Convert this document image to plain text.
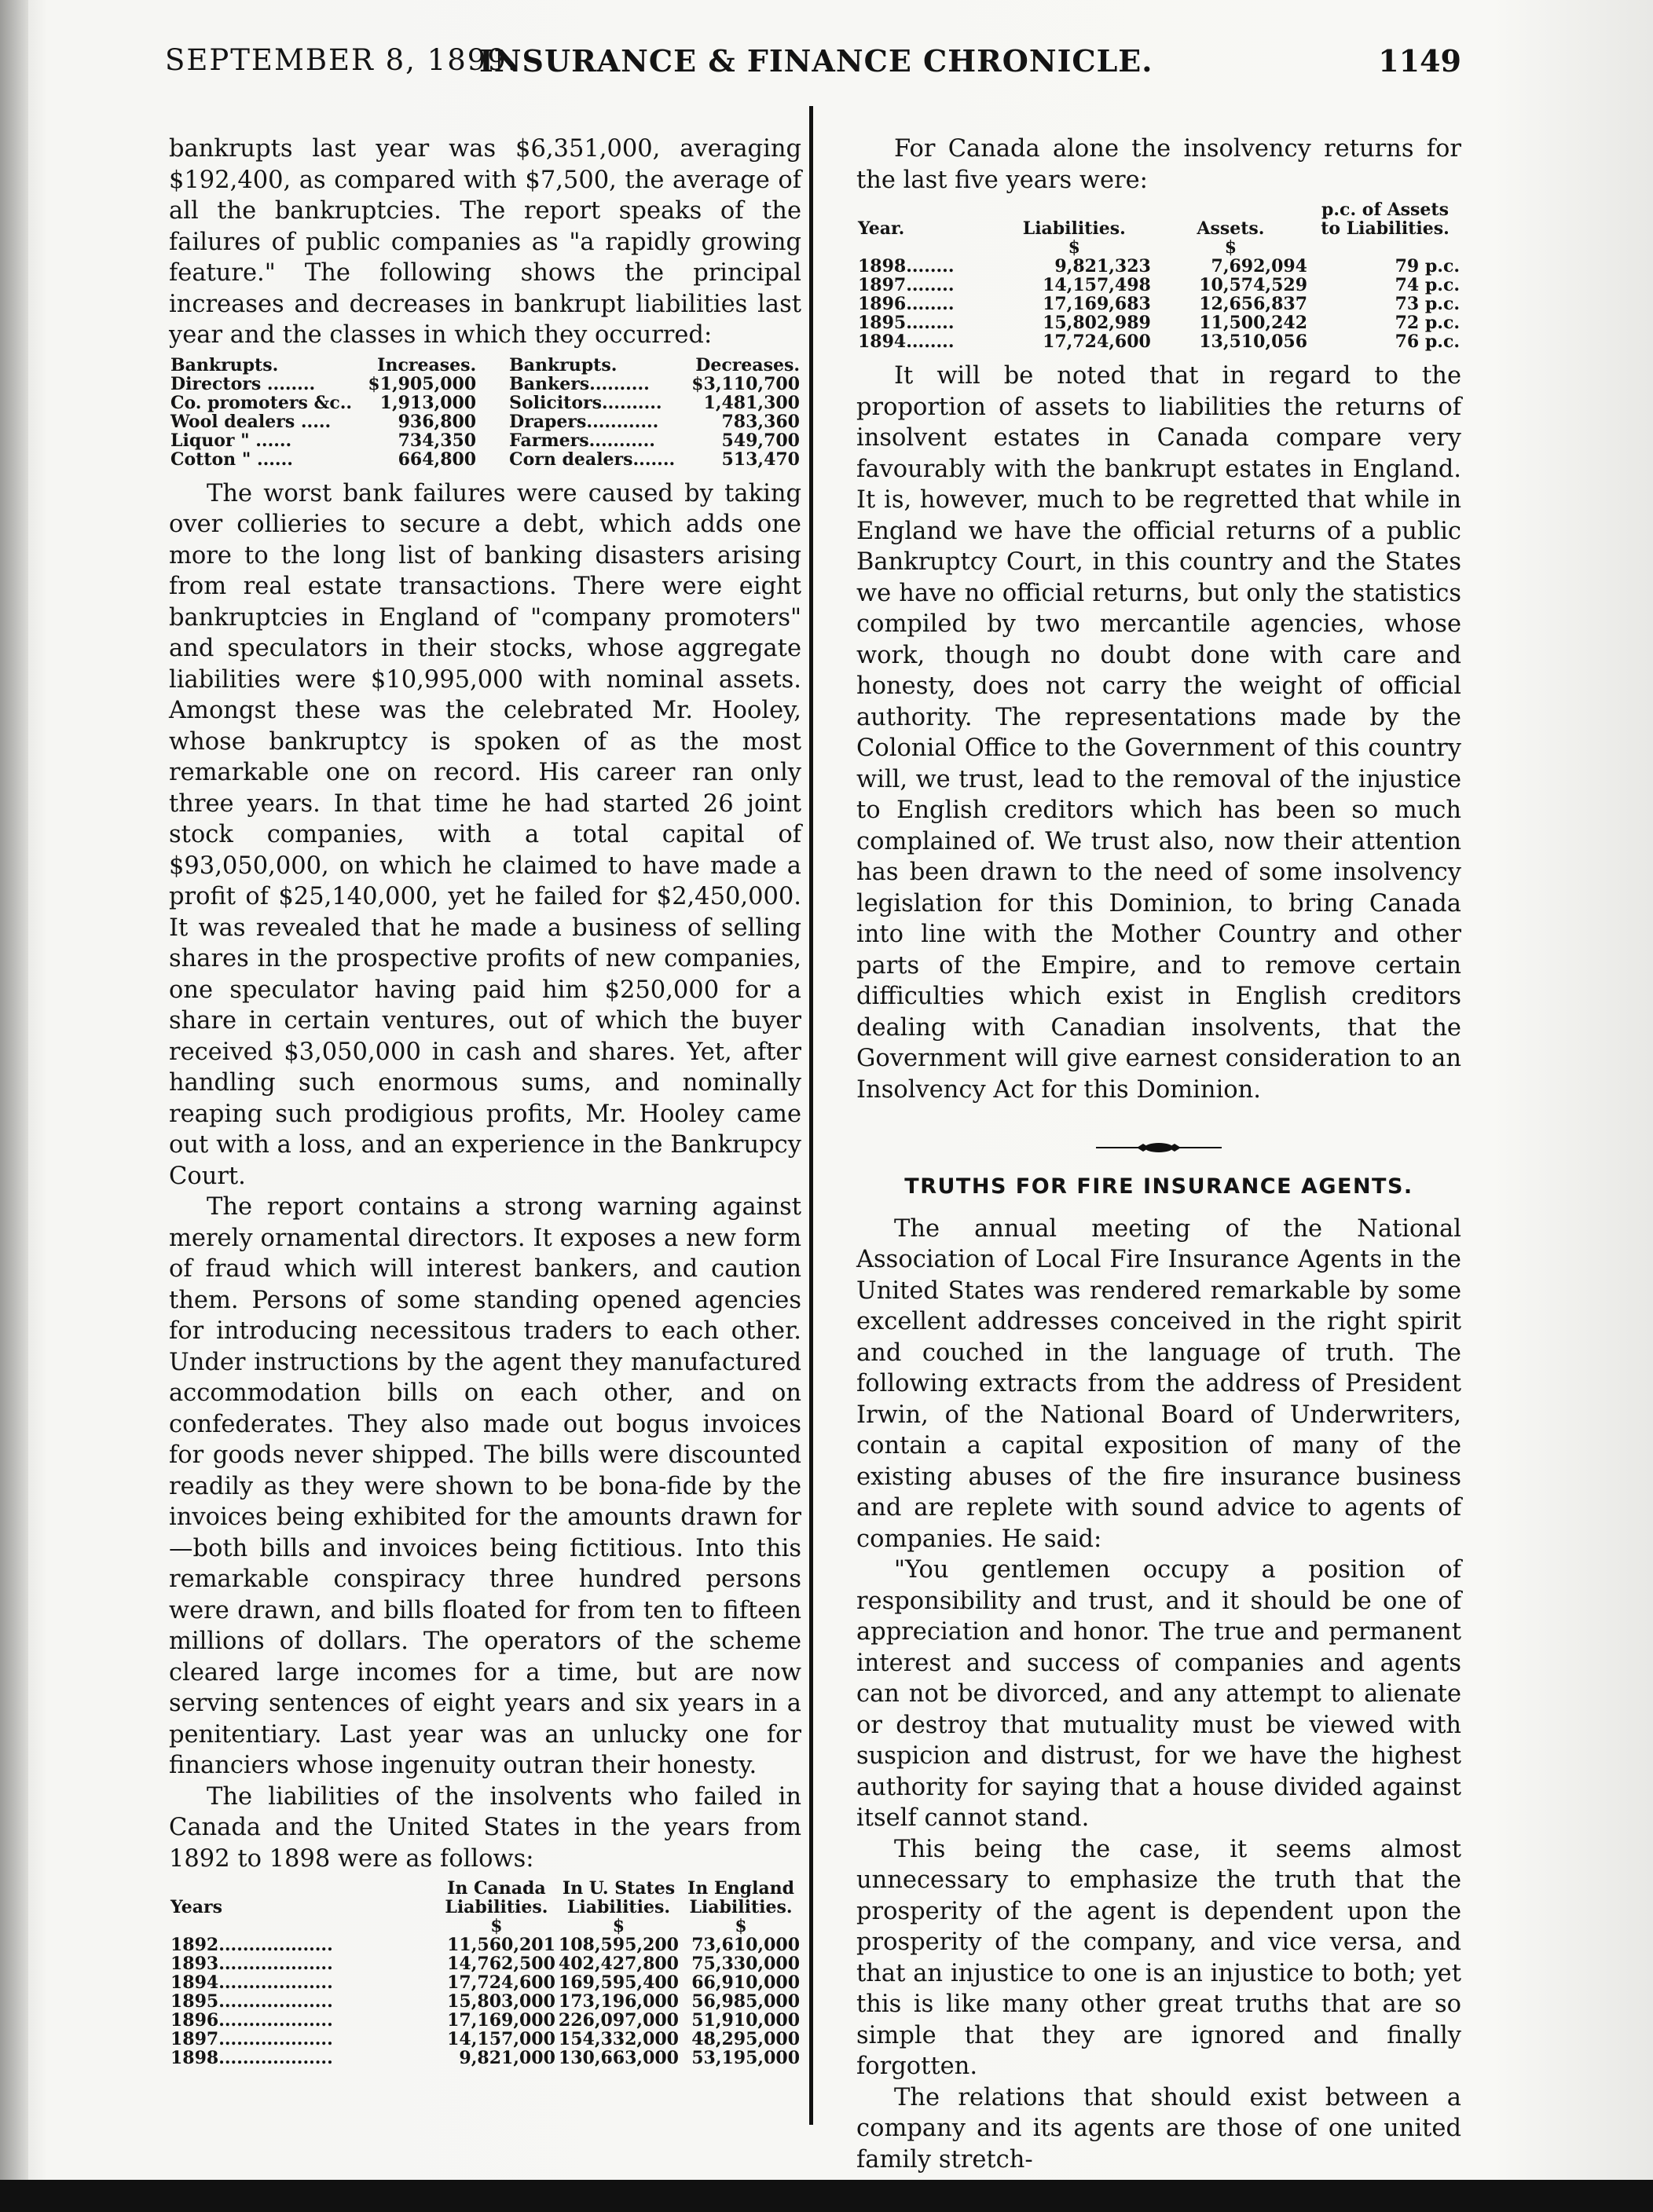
SEPTEMBER 8, 1899.
INSURANCE & FINANCE CHRONICLE.	1149

bankrupts last year was $6,351,000, averaging $192,400, as compared with $7,500, the average of all the bankruptcies. The report speaks of the failures of public companies as "a rapidly growing feature." The following shows the principal increases and decreases in bankrupt liabilities last year and the classes in which they occurred:

Bankrupts.	Increases.	Bankrupts.	Decreases.
Directors ........	$1,905,000	Bankers..........	$3,110,700
Co. promoters &c..	1,913,000	Solicitors..........	1,481,300
Wool dealers .....	936,800	Drapers............	783,360
Liquor " ......	734,350	Farmers...........	549,700
Cotton " ......	664,800	Corn dealers.......	513,470

The worst bank failures were caused by taking over collieries to secure a debt, which adds one more to the long list of banking disasters arising from real estate transactions. There were eight bankruptcies in England of "company promoters" and speculators in their stocks, whose aggregate liabilities were $10,995,000 with nominal assets. Amongst these was the celebrated Mr. Hooley, whose bankruptcy is spoken of as the most remarkable one on record. His career ran only three years. In that time he had started 26 joint stock companies, with a total capital of $93,050,000, on which he claimed to have made a profit of $25,140,000, yet he failed for $2,450,000. It was revealed that he made a business of selling shares in the prospective profits of new companies, one speculator having paid him $250,000 for a share in certain ventures, out of which the buyer received $3,050,000 in cash and shares. Yet, after handling such enormous sums, and nominally reaping such prodigious profits, Mr. Hooley came out with a loss, and an experience in the Bankrupcy Court.

The report contains a strong warning against merely ornamental directors. It exposes a new form of fraud which will interest bankers, and caution them. Persons of some standing opened agencies for introducing necessitous traders to each other. Under instructions by the agent they manufactured accommodation bills on each other, and on confederates. They also made out bogus invoices for goods never shipped. The bills were discounted readily as they were shown to be bona-fide by the invoices being exhibited for the amounts drawn for—both bills and invoices being fictitious. Into this remarkable conspiracy three hundred persons were drawn, and bills floated for from ten to fifteen millions of dollars. The operators of the scheme cleared large incomes for a time, but are now serving sentences of eight years and six years in a penitentiary. Last year was an unlucky one for financiers whose ingenuity outran their honesty.

The liabilities of the insolvents who failed in Canada and the United States in the years from 1892 to 1898 were as follows:

Years	In Canada Liabilities.	In U. States Liabilities.	In England Liabilities.
	$	$	$
1892...................	11,560,201	108,595,200	73,610,000
1893...................	14,762,500	402,427,800	75,330,000
1894...................	17,724,600	169,595,400	66,910,000
1895...................	15,803,000	173,196,000	56,985,000
1896...................	17,169,000	226,097,000	51,910,000
1897...................	14,157,000	154,332,000	48,295,000
1898...................	9,821,000	130,663,000	53,195,000

For Canada alone the insolvency returns for the last five years were:

Year.	Liabilities.	Assets.	p.c. of Assets to Liabilities.
	$	$	
1898........	9,821,323	7,692,094	79 p.c.
1897........	14,157,498	10,574,529	74 p.c.
1896........	17,169,683	12,656,837	73 p.c.
1895........	15,802,989	11,500,242	72 p.c.
1894........	17,724,600	13,510,056	76 p.c.

It will be noted that in regard to the proportion of assets to liabilities the returns of insolvent estates in Canada compare very favourably with the bankrupt estates in England. It is, however, much to be regretted that while in England we have the official returns of a public Bankruptcy Court, in this country and the States we have no official returns, but only the statistics compiled by two mercantile agencies, whose work, though no doubt done with care and honesty, does not carry the weight of official authority. The representations made by the Colonial Office to the Government of this country will, we trust, lead to the removal of the injustice to English creditors which has been so much complained of. We trust also, now their attention has been drawn to the need of some insolvency legislation for this Dominion, to bring Canada into line with the Mother Country and other parts of the Empire, and to remove certain difficulties which exist in English creditors dealing with Canadian insolvents, that the Government will give earnest consideration to an Insolvency Act for this Dominion.

TRUTHS FOR FIRE INSURANCE AGENTS.

The annual meeting of the National Association of Local Fire Insurance Agents in the United States was rendered remarkable by some excellent addresses conceived in the right spirit and couched in the language of truth. The following extracts from the address of President Irwin, of the National Board of Underwriters, contain a capital exposition of many of the existing abuses of the fire insurance business and are replete with sound advice to agents of companies. He said:

"You gentlemen occupy a position of responsibility and trust, and it should be one of appreciation and honor. The true and permanent interest and success of companies and agents can not be divorced, and any attempt to alienate or destroy that mutuality must be viewed with suspicion and distrust, for we have the highest authority for saying that a house divided against itself cannot stand.

This being the case, it seems almost unnecessary to emphasize the truth that the prosperity of the agent is dependent upon the prosperity of the company, and vice versa, and that an injustice to one is an injustice to both; yet this is like many other great truths that are so simple that they are ignored and finally forgotten.

The relations that should exist between a company and its agents are those of one united family stretch-
